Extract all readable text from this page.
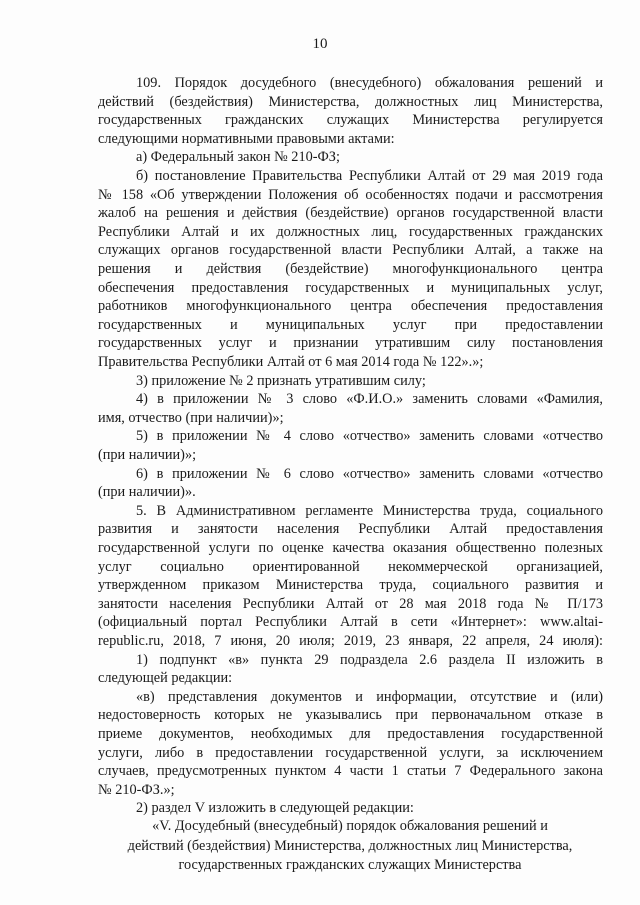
10
109. Порядок досудебного (внесудебного) обжалования решений и
действий (бездействия) Министерства, должностных лиц Министерства,
государственных гражданских служащих Министерства регулируется
следующими нормативными правовыми актами:
а) Федеральный закон № 210-ФЗ;
б) постановление Правительства Республики Алтай от 29 мая 2019 года
№ 158 «Об утверждении Положения об особенностях подачи и рассмотрения
жалоб на решения и действия (бездействие) органов государственной власти
Республики Алтай и их должностных лиц, государственных гражданских
служащих органов государственной власти Республики Алтай, а также на
решения и действия (бездействие) многофункционального центра
обеспечения предоставления государственных и муниципальных услуг,
работников многофункционального центра обеспечения предоставления
государственных и муниципальных услуг при предоставлении
государственных услуг и признании утратившим силу постановления
Правительства Республики Алтай от 6 мая 2014 года № 122».»;
3) приложение № 2 признать утратившим силу;
4) в приложении № 3 слово «Ф.И.О.» заменить словами «Фамилия,
имя, отчество (при наличии)»;
5) в приложении № 4 слово «отчество» заменить словами «отчество
(при наличии)»;
6) в приложении № 6 слово «отчество» заменить словами «отчество
(при наличии)».
5. В Административном регламенте Министерства труда, социального
развития и занятости населения Республики Алтай предоставления
государственной услуги по оценке качества оказания общественно полезных
услуг социально ориентированной некоммерческой организацией,
утвержденном приказом Министерства труда, социального развития и
занятости населения Республики Алтай от 28 мая 2018 года № П/173
(официальный портал Республики Алтай в сети «Интернет»: www.altai-
republic.ru, 2018, 7 июня, 20 июля; 2019, 23 января, 22 апреля, 24 июля):
1) подпункт «в» пункта 29 подраздела 2.6 раздела II изложить в
следующей редакции:
«в) представления документов и информации, отсутствие и (или)
недостоверность которых не указывались при первоначальном отказе в
приеме документов, необходимых для предоставления государственной
услуги, либо в предоставлении государственной услуги, за исключением
случаев, предусмотренных пунктом 4 части 1 статьи 7 Федерального закона
№ 210-ФЗ.»;
2) раздел V изложить в следующей редакции:
«V. Досудебный (внесудебный) порядок обжалования решений и
действий (бездействия) Министерства, должностных лиц Министерства,
государственных гражданских служащих Министерства
